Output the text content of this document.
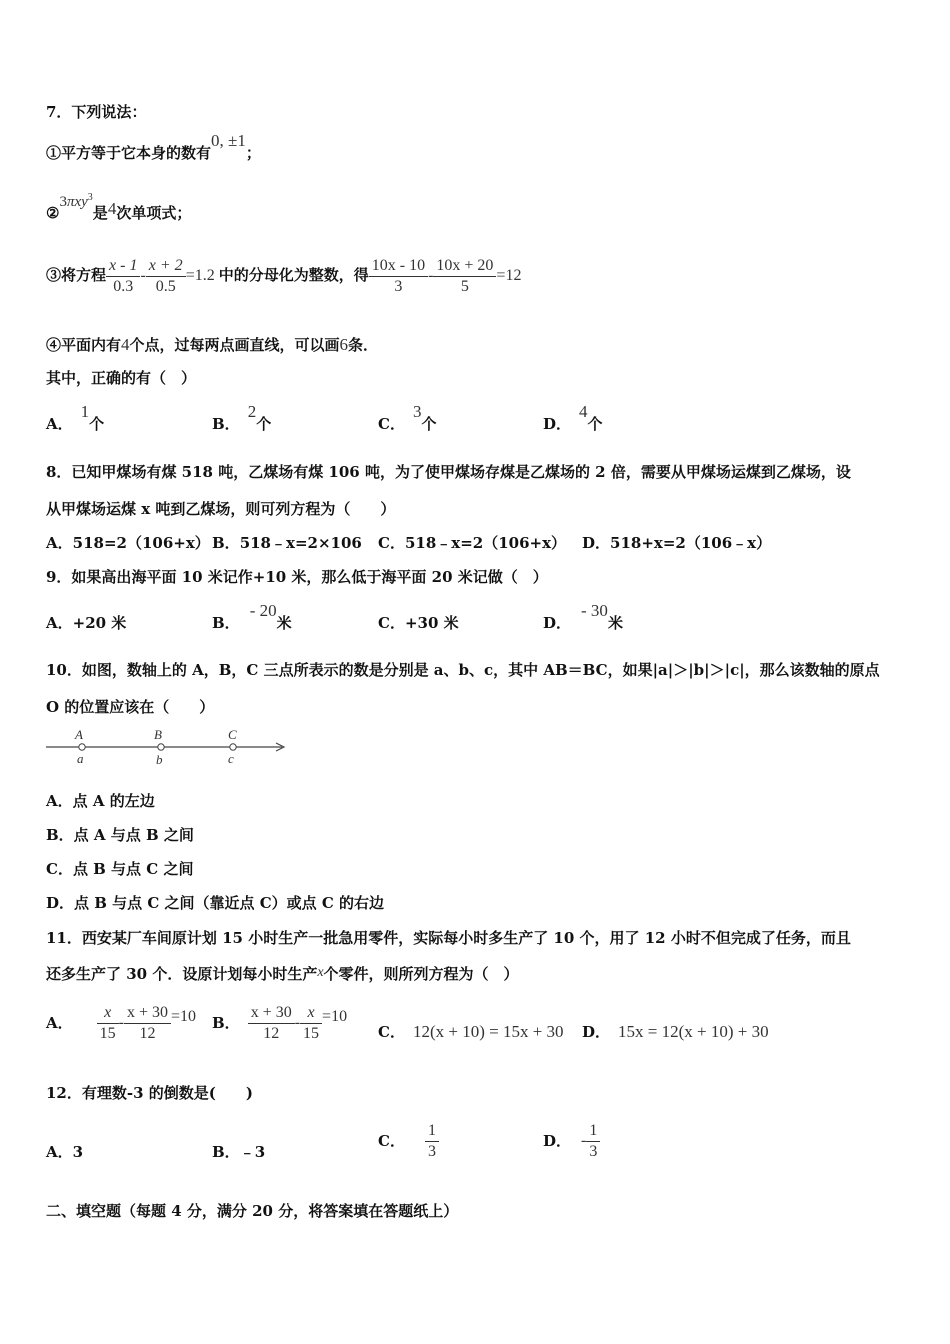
7．下列说法：
①平方等于它本身的数有0, ±1；
②3πxy$^3$是4次单项式；
③将方程 $\frac{x - 1}{0.3} - \frac{x + 2}{0.5} =1.2$ 中的分母化为整数，得 $\frac{10x - 10}{3} - \frac{10x + 20}{5} =12$
④平面内有4个点，过每两点画直线，可以画6条．
其中，正确的有（　）
A．1个	B．2个	C．3个	D．4个
8．已知甲煤场有煤 518 吨，乙煤场有煤 106 吨，为了使甲煤场存煤是乙煤场的 2 倍，需要从甲煤场运煤到乙煤场，设
从甲煤场运煤 x 吨到乙煤场，则可列方程为（　　）
A．518=2（106+x） B．518﹣x=2×106 C．518﹣x=2（106+x） D．518+x=2（106﹣x）
9．如果高出海平面 10 米记作+10 米，那么低于海平面 20 米记做（　）
A．+20 米	B．- 20米	C．+30 米	D．- 30米
10．如图，数轴上的 A，B，C 三点所表示的数是分别是 a、b、c，其中 AB＝BC，如果|a|＞|b|＞|c|，那么该数轴的原点
O 的位置应该在（　　）
A	B	C
a	b	c
A．点 A 的左边
B．点 A 与点 B 之间
C．点 B 与点 C 之间
D．点 B 与点 C 之间（靠近点 C）或点 C 的右边
11．西安某厂车间原计划 15 小时生产一批急用零件，实际每小时多生产了 10 个，用了 12 小时不但完成了任务，而且
还多生产了 30 个．设原计划每小时生产x个零件，则所列方程为（　）
A． $\frac{x}{15} - \frac{x + 30}{12} =10$ B． $\frac{x + 30}{12} - \frac{x}{15} =10$
C． 12(x + 10) = 15x + 30 D． 15x = 12(x + 10) + 30
12．有理数-3 的倒数是(　　)
A．3	B．﹣3
C． $\frac{1}{3}$	D． - $\frac{1}{3}$
二、填空题（每题 4 分，满分 20 分，将答案填在答题纸上）
